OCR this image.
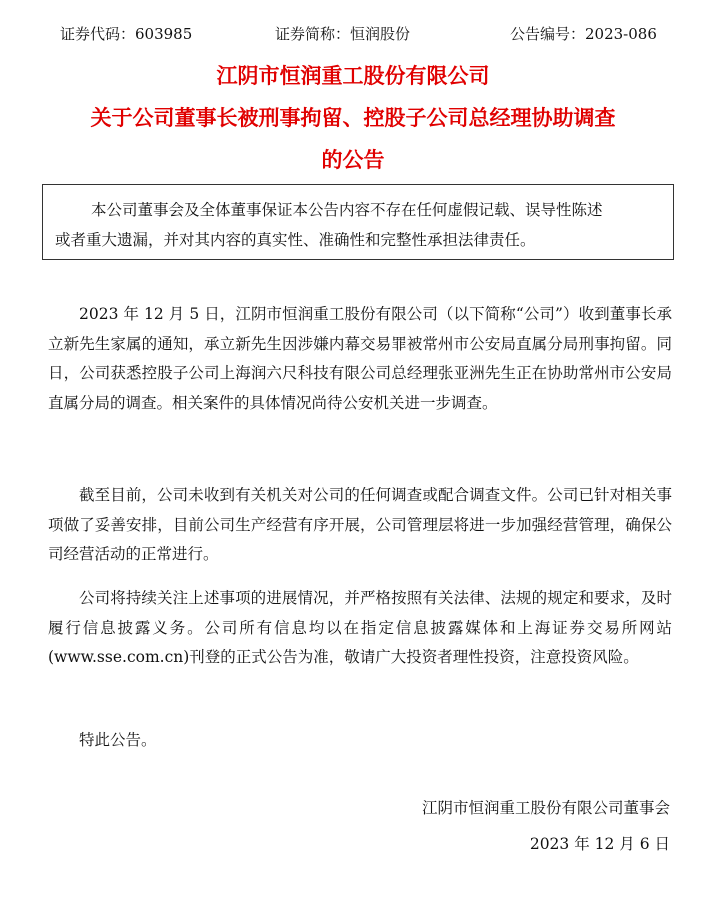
证券代码：603985	证券简称：恒润股份	公告编号：2023-086
江阴市恒润重工股份有限公司
关于公司董事长被刑事拘留、控股子公司总经理协助调查
的公告
本公司董事会及全体董事保证本公告内容不存在任何虚假记载、误导性陈述
或者重大遗漏，并对其内容的真实性、准确性和完整性承担法律责任。

2023 年 12 月 5 日，江阴市恒润重工股份有限公司（以下简称“公司”）收到董事长承立新先生家属的通知，承立新先生因涉嫌内幕交易罪被常州市公安局直属分局刑事拘留。同日，公司获悉控股子公司上海润六尺科技有限公司总经理张亚洲先生正在协助常州市公安局直属分局的调查。相关案件的具体情况尚待公安机关进一步调查。

截至目前，公司未收到有关机关对公司的任何调查或配合调查文件。公司已针对相关事项做了妥善安排，目前公司生产经营有序开展，公司管理层将进一步加强经营管理，确保公司经营活动的正常进行。

公司将持续关注上述事项的进展情况，并严格按照有关法律、法规的规定和要求，及时履行信息披露义务。公司所有信息均以在指定信息披露媒体和上海证券交易所网站(www.sse.com.cn)刊登的正式公告为准，敬请广大投资者理性投资，注意投资风险。

特此公告。

江阴市恒润重工股份有限公司董事会
2023 年 12 月 6 日
